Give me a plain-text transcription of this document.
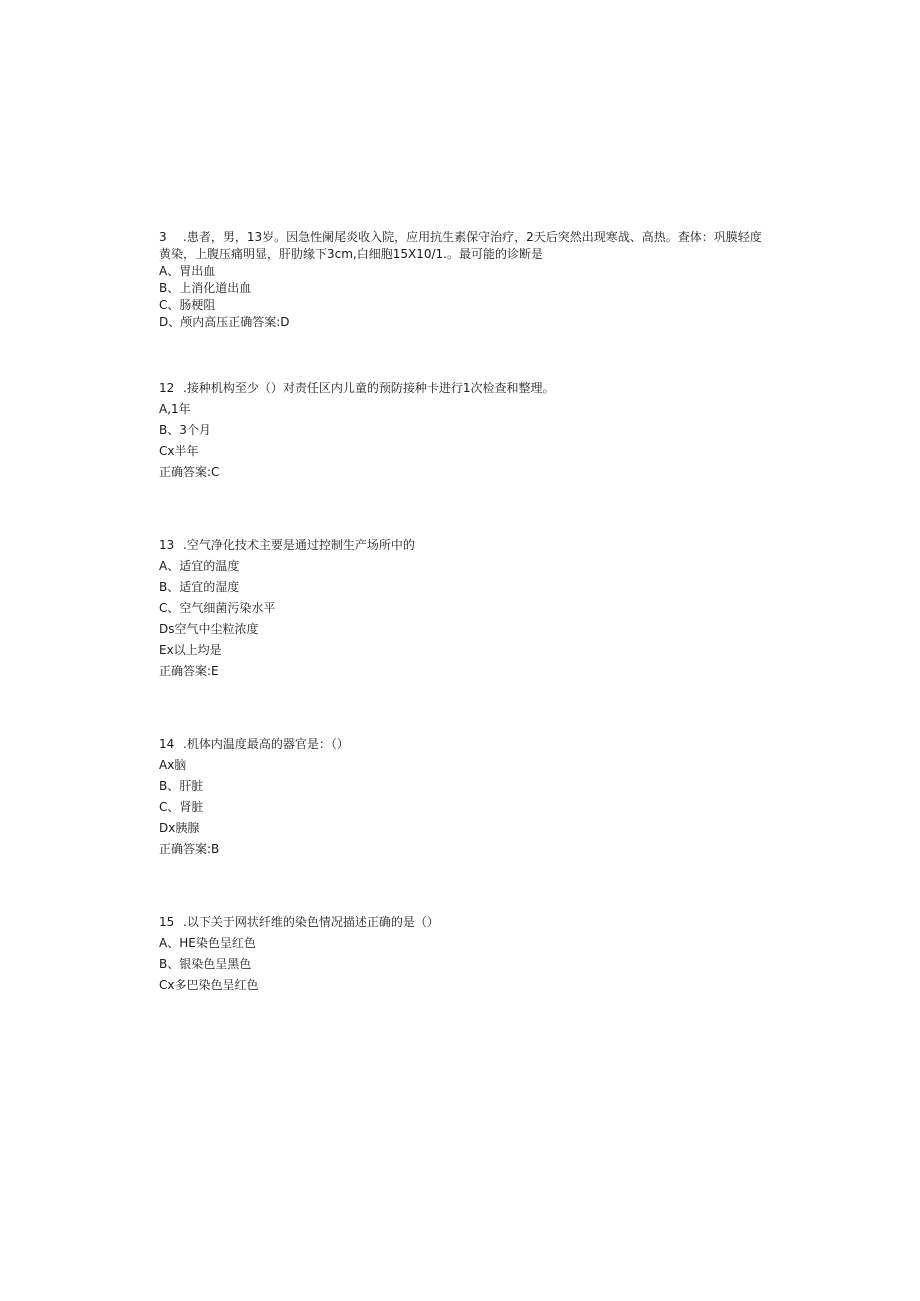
3 .患者，男，13岁。因急性阑尾炎收入院，应用抗生素保守治疗，2天后突然出现寒战、高热。查体：巩膜轻度黄染，上腹压痛明显，肝肋缘下3cm,白细胞15X10/1.。最可能的诊断是

A、胃出血

B、上消化道出血

C、肠梗阻

D、颅内高压正确答案:D

12 .接种机构至少（）对责任区内儿童的预防接种卡进行1次检查和整理。

A,1年

B、3个月

Cx半年

正确答案:C

13 .空气净化技术主要是通过控制生产场所中的

A、适宜的温度

B、适宜的湿度

C、空气细菌污染水平

Ds空气中尘粒浓度

Ex以上均是

正确答案:E

14 .机体内温度最高的器官是：（）

Ax脑

B、肝脏

C、肾脏

Dx胰腺

正确答案:B

15 .以下关于网状纤维的染色情况描述正确的是（）

A、HE染色呈红色

B、银染色呈黑色

Cx多巴染色呈红色
